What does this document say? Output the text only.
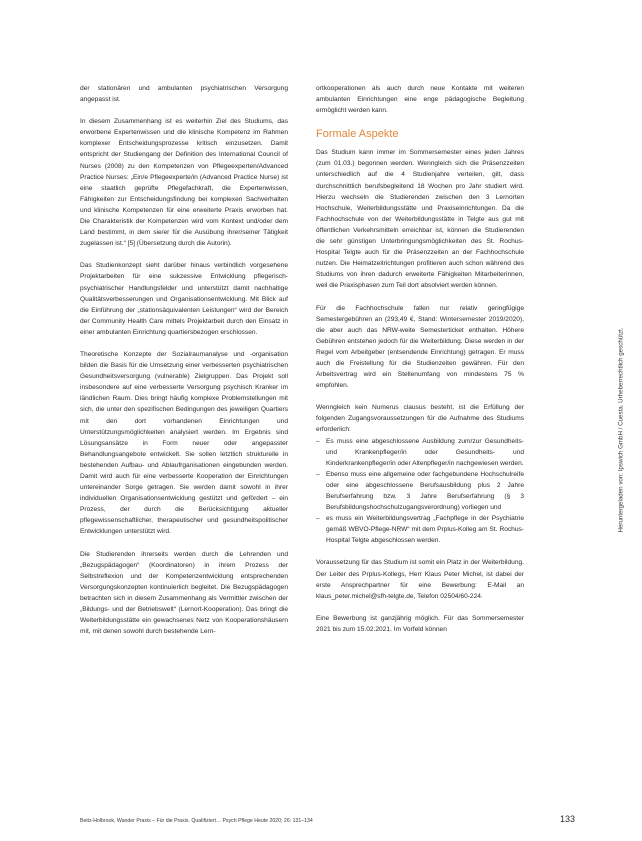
der stationären und ambulanten psychiatrischen Versorgung angepasst ist.

In diesem Zusammenhang ist es weiterhin Ziel des Studiums, das erworbene Expertenwissen und die klinische Kompetenz im Rahmen komplexer Entscheidungsprozesse kritisch einzusetzen. Damit entspricht der Studiengang der Definition des International Council of Nurses (2008) zu den Kompetenzen von Pflegeexperten/Advanced Practice Nurses: „Ein/e Pflegeexperte/in (Advanced Practice Nurse) ist eine staatlich geprüfte Pflegefachkraft, die Expertenwissen, Fähigkeiten zur Entscheidungsfindung bei komplexen Sachverhalten und klinische Kompetenzen für eine erweiterte Praxis erworben hat. Die Charakteristik der Kompetenzen wird vom Kontext und/oder dem Land bestimmt, in dem sie/er für die Ausübung ihrer/seiner Tätigkeit zugelassen ist.“ [5] (Übersetzung durch die Autorin).

Das Studienkonzept sieht darüber hinaus verbindlich vorgesehene Projektarbeiten für eine sukzessive Entwicklung pflegerisch-psychiatrischer Handlungsfelder und unterstützt damit nachhaltige Qualitätsverbesserungen und Organisationsentwicklung. Mit Blick auf die Einführung der „stationsäquivalenten Leistungen“ wird der Bereich der Community Health Care mittels Projektarbeit durch den Einsatz in einer ambulanten Einrichtung quartiersbezogen erschlossen.

Theoretische Konzepte der Sozialraumanalyse und -organisation bilden die Basis für die Umsetzung einer verbesserten psychiatrischen Gesundheitsversorgung (vulnerable) Zielgruppen. Das Projekt soll insbesondere auf eine verbesserte Versorgung psychisch Kranker im ländlichen Raum. Dies bringt häufig komplexe Problemstellungen mit sich, die unter den spezifischen Bedingungen des jeweiligen Quartiers mit den dort vorhandenen Einrichtungen und Unterstützungsmöglichkeiten analysiert werden. Im Ergebnis sind Lösungsansätze in Form neuer oder angepasster Behandlungsangebote entwickelt. Sie sollen letztlich strukturelle in bestehenden Aufbau- und Ablaufrganisationen eingebunden werden. Damit wird auch für eine verbesserte Kooperation der Einrichtungen untereinander Sorge getragen. Sie werden damit sowohl in ihrer individuellen Organisationsentwicklung gestützt und gefördert – ein Prozess, der durch die Berücksichtigung aktueller pflegewissenschaftlicher, therapeutischer und gesundheitspolitischer Entwicklungen unterstützt wird.

Die Studierenden ihrerseits werden durch die Lehrenden und „Bezugspädagogen“ (Koordinatoren) in ihrem Prozess der Selbstreflexion und der Kompetenzentwicklung entsprechenden Versorgungskonzepten kontinuierlich begleitet. Die Bezugspädagogen betrachten sich in diesem Zusammenhang als Vermittler zwischen der „Bildungs- und der Betriebswelt“ (Lernort-Kooperation). Das bringt die Weiterbildungsstätte ein gewachsenes Netz von Kooperationshäusern mit, mit denen sowohl durch bestehende Lern-

ortkooperationen als auch durch neue Kontakte mit weiteren ambulanten Einrichtungen eine enge pädagogische Begleitung ermöglicht werden kann.

Formale Aspekte

Das Studium kann immer im Sommersemester eines jeden Jahres (zum 01.03.) begonnen werden. Wenngleich sich die Präsenzzeiten unterschiedlich auf die 4 Studienjahre verteilen, gilt, dass durchschnittlich berufsbegleitend 18 Wochen pro Jahr studiert wird. Hierzu wechseln die Studierenden zwischen den 3 Lernorten Hochschule, Weiterbildungsstätte und Praxiseinrichtungen. Da die Fachhochschule von der Weiterbildungsstätte in Telgte aus gut mit öffentlichen Verkehrsmitteln erreichbar ist, können die Studierenden die sehr günstigen Unterbringungsmöglichkeiten des St. Rochus-Hospital Telgte auch für die Präsenzzeiten an der Fachhochschule nutzen. Die Heimatzeitrichtungen profitieren auch schon während des Studiums von ihren dadurch erweiterte Fähigkeiten Mitarbeiterinnen, weil die Praxisphasen zum Teil dort absolviert werden können.

Für die Fachhochschule fallen nur relativ geringfügige Semestergebühren an (293,49 €, Stand: Wintersemester 2019/2020), die aber auch das NRW-weite Semesterticket enthalten. Höhere Gebühren entstehen jedoch für die Weiterbildung. Diese werden in der Regel vom Arbeitgeber (entsendende Einrichtung) getragen. Er muss auch die Freistellung für die Studienzeiten gewähren. Für den Arbeitsvertrag wird ein Stellenumfang von mindestens 75 % empfohlen.

Wenngleich kein Numerus clausus besteht, ist die Erfüllung der folgenden Zugangsvoraussetzungen für die Aufnahme des Studiums erforderlich:

– Es muss eine abgeschlossene Ausbildung zum/zur Gesundheits- und Krankenpfleger/in oder Gesundheits- und Kinderkrankenpfleger/in oder Altenpfleger/in nachgewiesen werden.
– Ebenso muss eine allgemeine oder fachgebundene Hochschulreife oder eine abgeschlossene Berufsausbildung plus 2 Jahre Berufserfahrung bzw. 3 Jahre Berufserfahrung (§ 3 Berufsbildungshochschulzugangsverordnung) vorliegen und
– es muss ein Weiterbildungsvertrag „Fachpflege in der Psychiatrie gemäß WBVO-Pflege-NRW“ mit dem Prplus-Kolleg am St. Rochus-Hospital Telgte abgeschlossen werden.

Voraussetzung für das Studium ist somit ein Platz in der Weiterbildung. Der Leiter des Prplus-Kollegs, Herr Klaus Peter Michel, ist dabei der erste Ansprechpartner für eine Bewerbung: E-Mail an klaus_peter.michel@sfh-telgte.de, Telefon 02504/60-224.

Eine Bewerbung ist ganzjährig möglich. Für das Sommersemester 2021 bis zum 15.02.2021. Im Vorfeld können

Heruntergeladen von: Ipswich GmbH / Cuesta. Urheberrechtlich geschützt.
Beitz-Holbrook, Wander Praxis – Für die Praxis. Qualifiziert… Psych Pflege Heute 2020; 26: 131–134	133
